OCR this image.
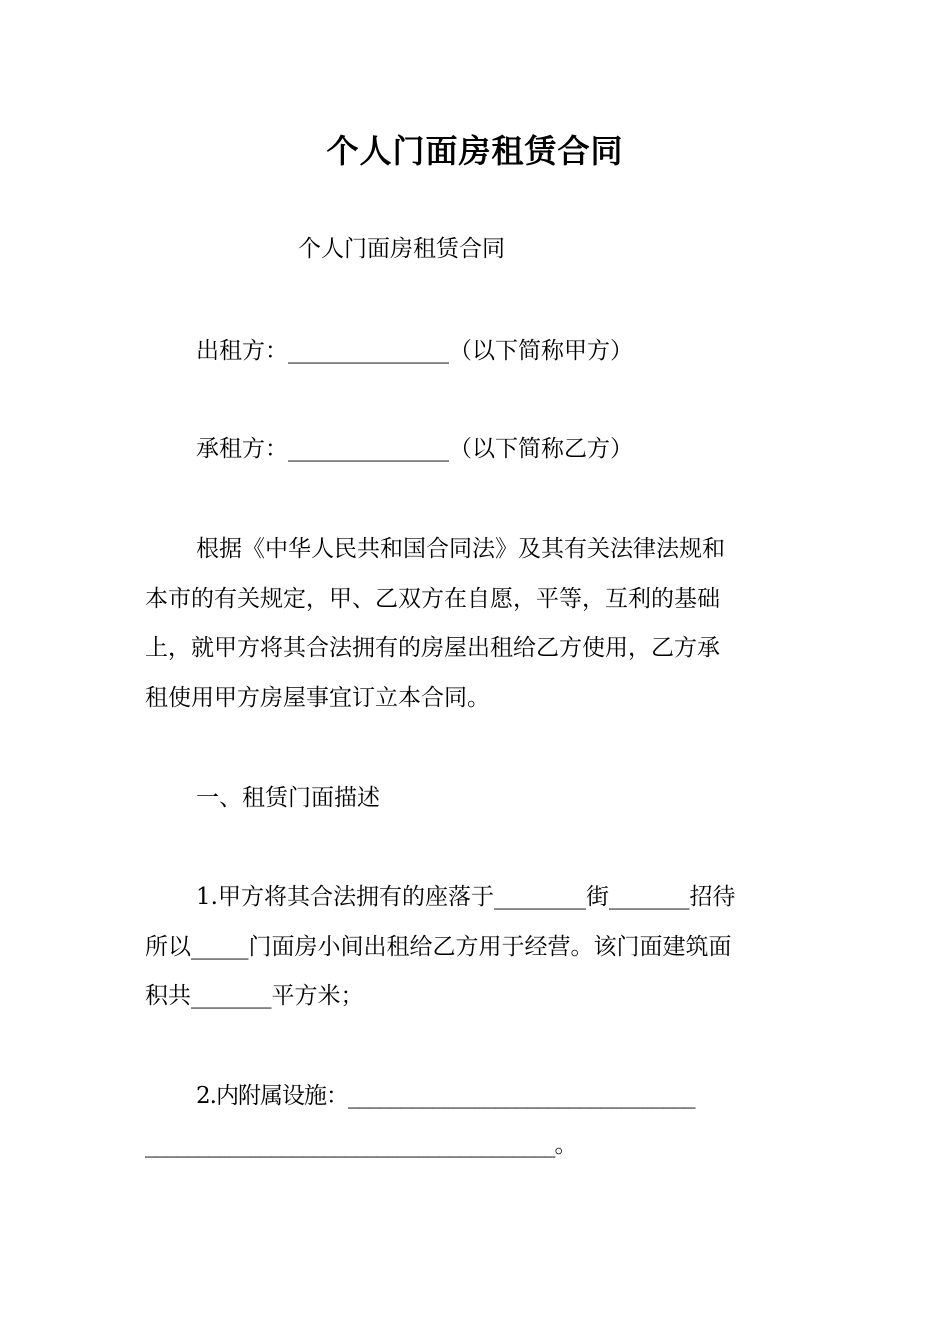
个人门面房租赁合同

个人门面房租赁合同

出租方：______________（以下简称甲方）

承租方：______________（以下简称乙方）

根据《中华人民共和国合同法》及其有关法律法规和

本市的有关规定，甲、乙双方在自愿，平等，互利的基础

上，就甲方将其合法拥有的房屋出租给乙方使用，乙方承

租使用甲方房屋事宜订立本合同。

一、租赁门面描述

1.甲方将其合法拥有的座落于________街_______招待

所以_____门面房小间出租给乙方用于经营。该门面建筑面

积共_______平方米；

2.内附属设施：_________________________________

_______________________________________。
